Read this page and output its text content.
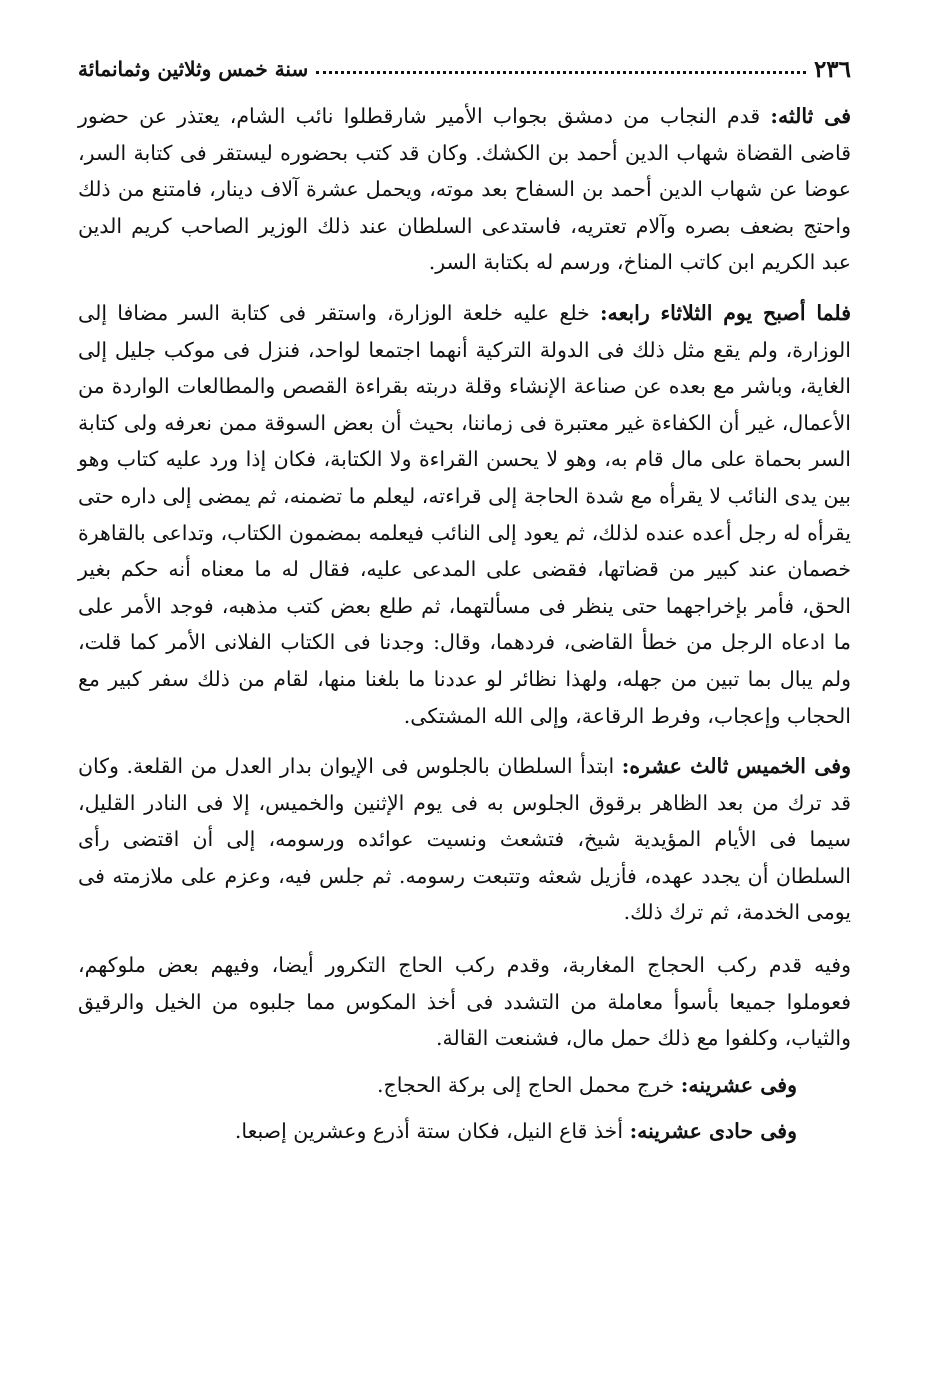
٢٣٦
سنة خمس وثلاثين وثمانمائة

فى ثالثه: قدم النجاب من دمشق بجواب الأمير شارقطلوا نائب الشام، يعتذر عن حضور قاضى القضاة شهاب الدين أحمد بن الكشك. وكان قد كتب بحضوره ليستقر فى كتابة السر، عوضا عن شهاب الدين أحمد بن السفاح بعد موته، ويحمل عشرة آلاف دينار، فامتنع من ذلك واحتج بضعف بصره وآلام تعتريه، فاستدعى السلطان عند ذلك الوزير الصاحب كريم الدين عبد الكريم ابن كاتب المناخ، ورسم له بكتابة السر.

فلما أصبح يوم الثلاثاء رابعه: خلع عليه خلعة الوزارة، واستقر فى كتابة السر مضافا إلى الوزارة، ولم يقع مثل ذلك فى الدولة التركية أنهما اجتمعا لواحد، فنزل فى موكب جليل إلى الغاية، وباشر مع بعده عن صناعة الإنشاء وقلة دربته بقراءة القصص والمطالعات الواردة من الأعمال، غير أن الكفاءة غير معتبرة فى زماننا، بحيث أن بعض السوقة ممن نعرفه ولى كتابة السر بحماة على مال قام به، وهو لا يحسن القراءة ولا الكتابة، فكان إذا ورد عليه كتاب وهو بين يدى النائب لا يقرأه مع شدة الحاجة إلى قراءته، ليعلم ما تضمنه، ثم يمضى إلى داره حتى يقرأه له رجل أعده عنده لذلك، ثم يعود إلى النائب فيعلمه بمضمون الكتاب، وتداعى بالقاهرة خصمان عند كبير من قضاتها، فقضى على المدعى عليه، فقال له ما معناه أنه حكم بغير الحق، فأمر بإخراجهما حتى ينظر فى مسألتهما، ثم طلع بعض كتب مذهبه، فوجد الأمر على ما ادعاه الرجل من خطأ القاضى، فردهما، وقال: وجدنا فى الكتاب الفلانى الأمر كما قلت، ولم يبال بما تبين من جهله، ولهذا نظائر لو عددنا ما بلغنا منها، لقام من ذلك سفر كبير مع الحجاب وإعجاب، وفرط الرقاعة، وإلى الله المشتكى.

وفى الخميس ثالث عشره: ابتدأ السلطان بالجلوس فى الإيوان بدار العدل من القلعة. وكان قد ترك من بعد الظاهر برقوق الجلوس به فى يوم الإثنين والخميس، إلا فى النادر القليل، سيما فى الأيام المؤيدية شيخ، فتشعث ونسيت عوائده ورسومه، إلى أن اقتضى رأى السلطان أن يجدد عهده، فأزيل شعثه وتتبعت رسومه. ثم جلس فيه، وعزم على ملازمته فى يومى الخدمة، ثم ترك ذلك.

وفيه قدم ركب الحجاج المغاربة، وقدم ركب الحاج التكرور أيضا، وفيهم بعض ملوكهم، فعوملوا جميعا بأسوأ معاملة من التشدد فى أخذ المكوس مما جلبوه من الخيل والرقيق والثياب، وكلفوا مع ذلك حمل مال، فشنعت القالة.

وفى عشرينه: خرج محمل الحاج إلى بركة الحجاج.

وفى حادى عشرينه: أخذ قاع النيل، فكان ستة أذرع وعشرين إصبعا.
